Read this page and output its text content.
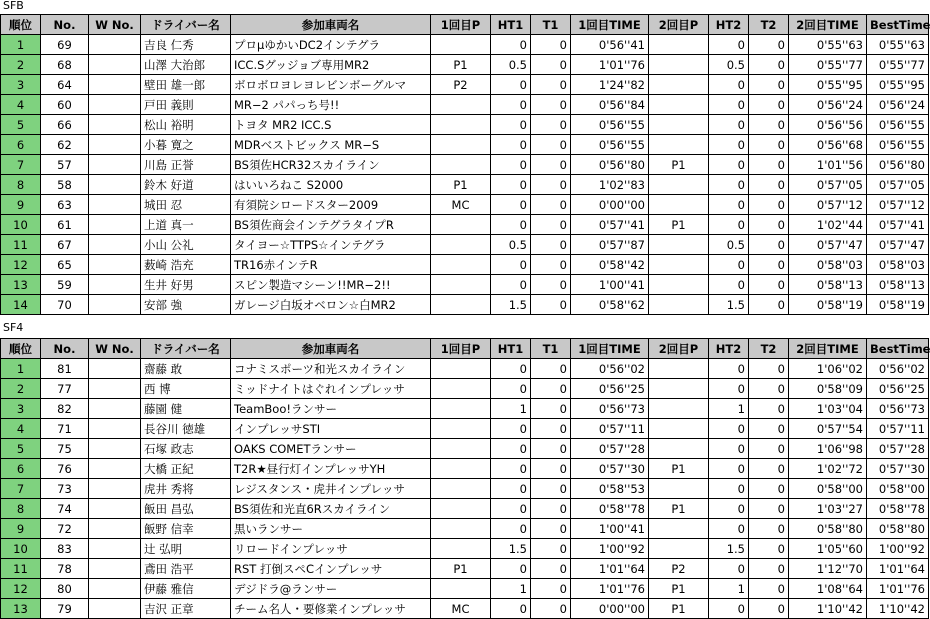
SFB
順位	No.	W No.	ドライバー名	参加車両名	1回目P	HT1	T1	1回目TIME	2回目P	HT2	T2	2回目TIME	BestTime
1	69		吉良 仁秀	プロμゆかいDC2インテグラ		0	0	0'56''41		0	0	0'55''63	0'55''63
2	68		山澤 大治郎	ICC.Sグッジョブ専用MR2	P1	0.5	0	1'01''76		0.5	0	0'55''77	0'55''77
3	64		壁田 雄一郎	ボロボロヨレヨレビンボーグルマ	P2	0	0	1'24''82		0	0	0'55''95	0'55''95
4	60		戸田 義則	MR−2 パパっち号!!		0	0	0'56''84		0	0	0'56''24	0'56''24
5	66		松山 裕明	トヨタ MR2 ICC.S		0	0	0'56''55		0	0	0'56''56	0'56''55
6	62		小暮 寛之	MDRベストビックス MR−S		0	0	0'56''55		0	0	0'56''68	0'56''55
7	57		川島 正誉	BS須佐HCR32スカイライン		0	0	0'56''80	P1	0	0	1'01''56	0'56''80
8	58		鈴木 好道	はいいろねこ S2000	P1	0	0	1'02''83		0	0	0'57''05	0'57''05
9	63		城田 忍	有須院シロードスター2009	MC	0	0	0'00''00		0	0	0'57''12	0'57''12
10	61		上道 真一	BS須佐商会インテグラタイプR		0	0	0'57''41	P1	0	0	1'02''44	0'57''41
11	67		小山 公礼	タイヨー☆TTPS☆インテグラ		0.5	0	0'57''87		0.5	0	0'57''47	0'57''47
12	65		薮崎 浩充	TR16赤インテR		0	0	0'58''42		0	0	0'58''03	0'58''03
13	59		生井 好男	スピン製造マシーン!!MR−2!!		0	0	1'00''41		0	0	0'58''13	0'58''13
14	70		安部 強	ガレージ白坂オベロン☆白MR2		1.5	0	0'58''62		1.5	0	0'58''19	0'58''19
SF4
順位	No.	W No.	ドライバー名	参加車両名	1回目P	HT1	T1	1回目TIME	2回目P	HT2	T2	2回目TIME	BestTime
1	81		齋藤 敢	コナミスポーツ和光スカイライン		0	0	0'56''02		0	0	1'06''02	0'56''02
2	77		西 博	ミッドナイトはぐれインプレッサ		0	0	0'56''25		0	0	0'58''09	0'56''25
3	82		藤園 健	TeamBoo!ランサー		1	0	0'56''73		1	0	1'03''04	0'56''73
4	71		長谷川 徳雄	インプレッサSTI		0	0	0'57''11		0	0	0'57''54	0'57''11
5	75		石塚 政志	OAKS COMETランサー		0	0	0'57''28		0	0	1'06''98	0'57''28
6	76		大橋 正紀	T2R★昼行灯インプレッサYH		0	0	0'57''30	P1	0	0	1'02''72	0'57''30
7	73		虎井 秀将	レジスタンス・虎井インプレッサ		0	0	0'58''53		0	0	0'58''00	0'58''00
8	74		飯田 昌弘	BS須佐和光直6Rスカイライン		0	0	0'58''78	P1	0	0	1'03''27	0'58''78
9	72		飯野 信幸	黒いランサー		0	0	1'00''41		0	0	0'58''80	0'58''80
10	83		辻 弘明	リロードインプレッサ		1.5	0	1'00''92		1.5	0	1'05''60	1'00''92
11	78		鳶田 浩平	RST 打倒スペCインプレッサ	P1	0	0	1'01''64	P2	0	0	1'12''70	1'01''64
12	80		伊藤 雅信	デジドラ@ランサー		1	0	1'01''76	P1	1	0	1'08''64	1'01''76
13	79		吉沢 正章	チーム名人・要修業インプレッサ	MC	0	0	0'00''00	P1	0	0	1'10''42	1'10''42
